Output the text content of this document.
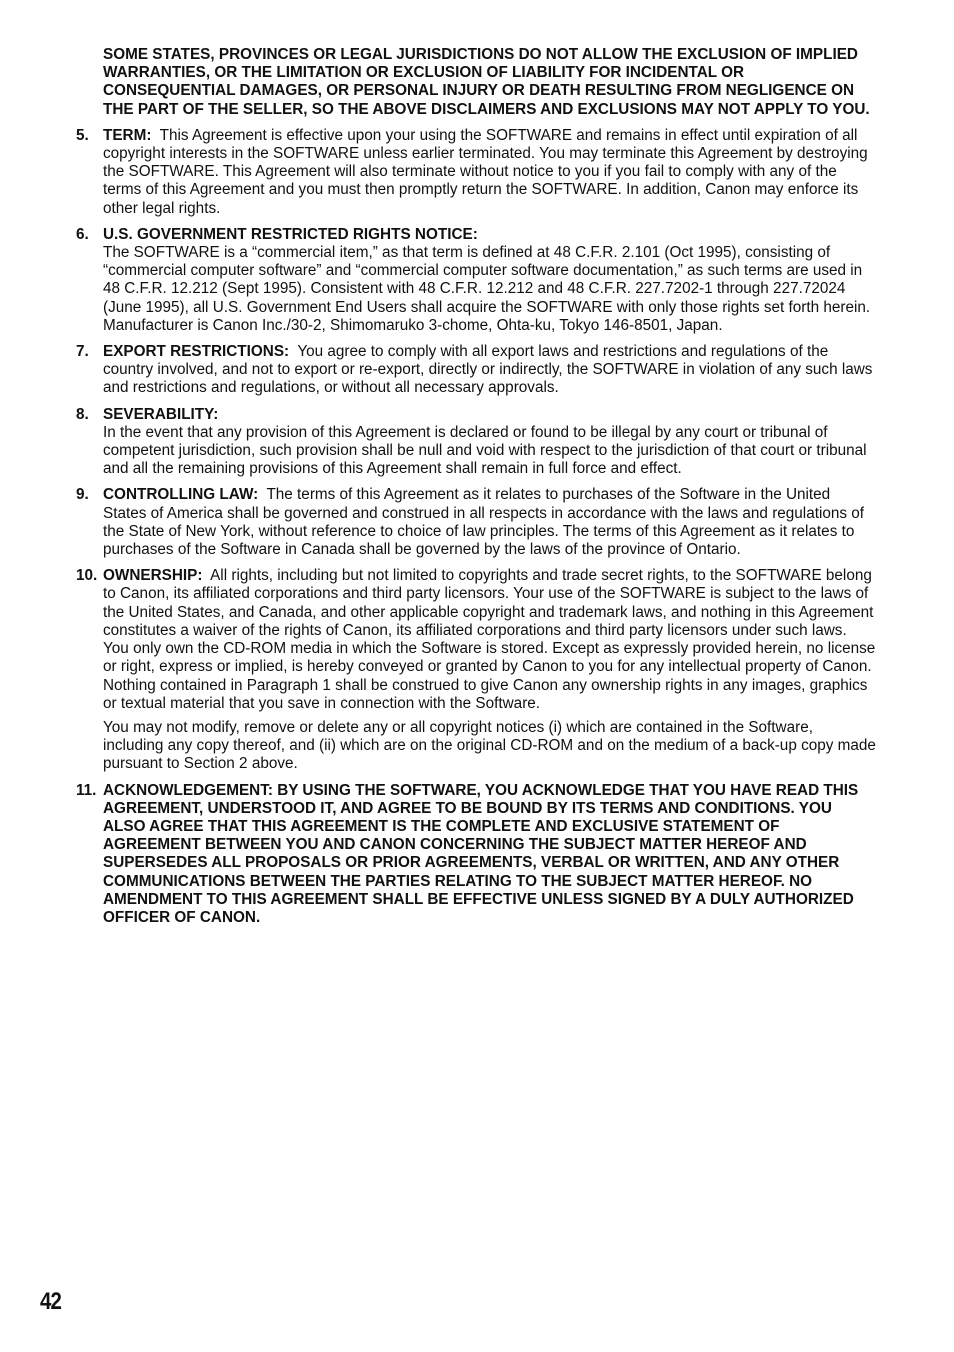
SOME STATES, PROVINCES OR LEGAL JURISDICTIONS DO NOT ALLOW THE EXCLUSION OF IMPLIED WARRANTIES, OR THE LIMITATION OR EXCLUSION OF LIABILITY FOR INCIDENTAL OR CONSEQUENTIAL DAMAGES, OR PERSONAL INJURY OR DEATH RESULTING FROM NEGLIGENCE ON THE PART OF THE SELLER, SO THE ABOVE DISCLAIMERS AND EXCLUSIONS MAY NOT APPLY TO YOU.

5. TERM: This Agreement is effective upon your using the SOFTWARE and remains in effect until expiration of all copyright interests in the SOFTWARE unless earlier terminated. You may terminate this Agreement by destroying the SOFTWARE. This Agreement will also terminate without notice to you if you fail to comply with any of the terms of this Agreement and you must then promptly return the SOFTWARE. In addition, Canon may enforce its other legal rights.
6. U.S. GOVERNMENT RESTRICTED RIGHTS NOTICE:
The SOFTWARE is a “commercial item,” as that term is defined at 48 C.F.R. 2.101 (Oct 1995), consisting of “commercial computer software” and “commercial computer software documentation,” as such terms are used in 48 C.F.R. 12.212 (Sept 1995). Consistent with 48 C.F.R. 12.212 and 48 C.F.R. 227.7202-1 through 227.72024 (June 1995), all U.S. Government End Users shall acquire the SOFTWARE with only those rights set forth herein. Manufacturer is Canon Inc./30-2, Shimomaruko 3-chome, Ohta-ku, Tokyo 146-8501, Japan.
7. EXPORT RESTRICTIONS: You agree to comply with all export laws and restrictions and regulations of the country involved, and not to export or re-export, directly or indirectly, the SOFTWARE in violation of any such laws and restrictions and regulations, or without all necessary approvals.
8. SEVERABILITY:
In the event that any provision of this Agreement is declared or found to be illegal by any court or tribunal of competent jurisdiction, such provision shall be null and void with respect to the jurisdiction of that court or tribunal and all the remaining provisions of this Agreement shall remain in full force and effect.
9. CONTROLLING LAW: The terms of this Agreement as it relates to purchases of the Software in the United States of America shall be governed and construed in all respects in accordance with the laws and regulations of the State of New York, without reference to choice of law principles. The terms of this Agreement as it relates to purchases of the Software in Canada shall be governed by the laws of the province of Ontario.
10. OWNERSHIP: All rights, including but not limited to copyrights and trade secret rights, to the SOFTWARE belong to Canon, its affiliated corporations and third party licensors. Your use of the SOFTWARE is subject to the laws of the United States, and Canada, and other applicable copyright and trademark laws, and nothing in this Agreement constitutes a waiver of the rights of Canon, its affiliated corporations and third party licensors under such laws. You only own the CD-ROM media in which the Software is stored. Except as expressly provided herein, no license or right, express or implied, is hereby conveyed or granted by Canon to you for any intellectual property of Canon. Nothing contained in Paragraph 1 shall be construed to give Canon any ownership rights in any images, graphics or textual material that you save in connection with the Software.
You may not modify, remove or delete any or all copyright notices (i) which are contained in the Software, including any copy thereof, and (ii) which are on the original CD-ROM and on the medium of a back-up copy made pursuant to Section 2 above.
11. ACKNOWLEDGEMENT: BY USING THE SOFTWARE, YOU ACKNOWLEDGE THAT YOU HAVE READ THIS AGREEMENT, UNDERSTOOD IT, AND AGREE TO BE BOUND BY ITS TERMS AND CONDITIONS. YOU ALSO AGREE THAT THIS AGREEMENT IS THE COMPLETE AND EXCLUSIVE STATEMENT OF AGREEMENT BETWEEN YOU AND CANON CONCERNING THE SUBJECT MATTER HEREOF AND SUPERSEDES ALL PROPOSALS OR PRIOR AGREEMENTS, VERBAL OR WRITTEN, AND ANY OTHER COMMUNICATIONS BETWEEN THE PARTIES RELATING TO THE SUBJECT MATTER HEREOF. NO AMENDMENT TO THIS AGREEMENT SHALL BE EFFECTIVE UNLESS SIGNED BY A DULY AUTHORIZED OFFICER OF CANON.
42
